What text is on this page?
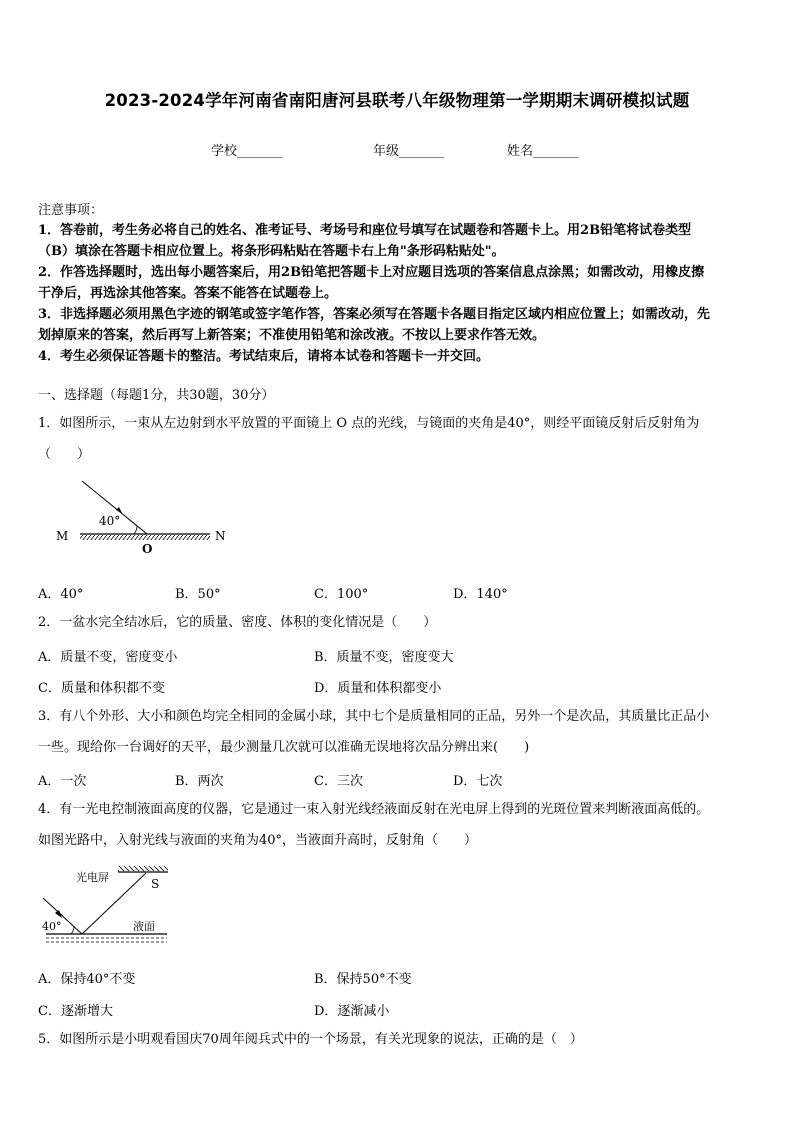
2023-2024学年河南省南阳唐河县联考八年级物理第一学期期末调研模拟试题
学校_______	年级_______	姓名_______
注意事项：
1．答卷前，考生务必将自己的姓名、准考证号、考场号和座位号填写在试题卷和答题卡上。用2B铅笔将试卷类型
（B）填涂在答题卡相应位置上。将条形码粘贴在答题卡右上角"条形码粘贴处"。
2．作答选择题时，选出每小题答案后，用2B铅笔把答题卡上对应题目选项的答案信息点涂黑；如需改动，用橡皮擦
干净后，再选涂其他答案。答案不能答在试题卷上。
3．非选择题必须用黑色字迹的钢笔或签字笔作答，答案必须写在答题卡各题目指定区域内相应位置上；如需改动，先
划掉原来的答案，然后再写上新答案；不准使用铅笔和涂改液。不按以上要求作答无效。
4．考生必须保证答题卡的整洁。考试结束后，请将本试卷和答题卡一并交回。
一、选择题（每题1分，共30题，30分）
1．如图所示，一束从左边射到水平放置的平面镜上 O 点的光线，与镜面的夹角是40°，则经平面镜反射后反射角为
（　　）
40°
M	N
O
A．40°	B．50°	C．100°	D．140°
2．一盆水完全结冰后，它的质量、密度、体积的变化情况是（　　）
A．质量不变，密度变小	B．质量不变，密度变大
C．质量和体积都不变	D．质量和体积都变小
3．有八个外形、大小和颜色均完全相同的金属小球，其中七个是质量相同的正品，另外一个是次品，其质量比正品小
一些。现给你一台调好的天平，最少测量几次就可以准确无误地将次品分辨出来(　　)
A．一次	B．两次	C．三次	D．七次
4．有一光电控制液面高度的仪器，它是通过一束入射光线经液面反射在光电屏上得到的光斑位置来判断液面高低的。
如图光路中，入射光线与液面的夹角为40°，当液面升高时，反射角（　　）
光电屏	S
40°	液面
A．保持40°不变	B．保持50°不变
C．逐渐增大	D．逐渐减小
5．如图所示是小明观看国庆70周年阅兵式中的一个场景，有关光现象的说法，正确的是（　）
